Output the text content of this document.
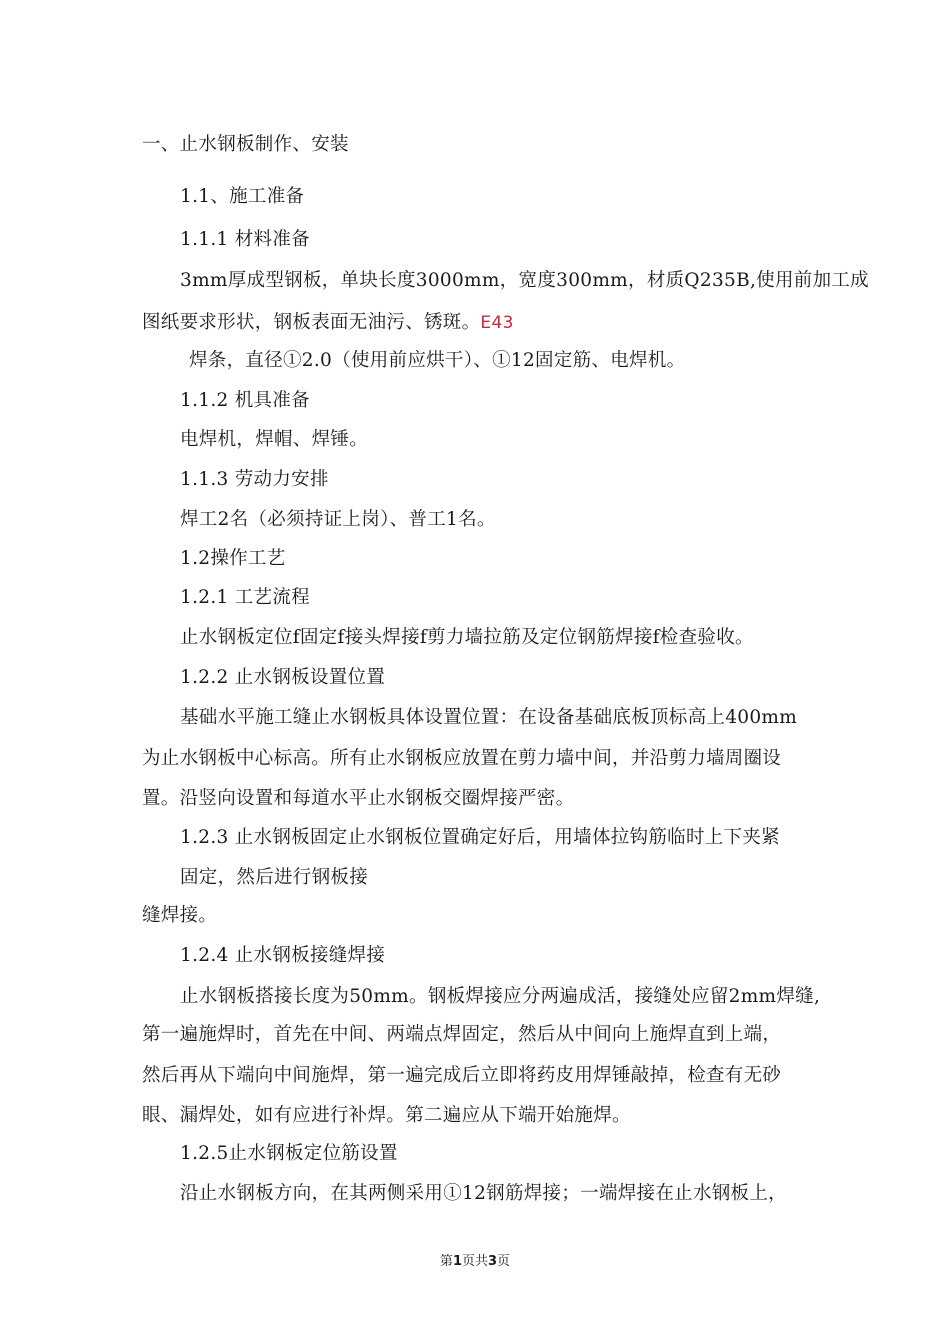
一、止水钢板制作、安装
1.1、施工准备
1.1.1 材料准备
3mm厚成型钢板，单块长度3000mm，宽度300mm，材质Q235B,使用前加工成
图纸要求形状，钢板表面无油污、锈斑。E43
焊条，直径①2.0（使用前应烘干）、①12固定筋、电焊机。
1.1.2 机具准备
电焊机，焊帽、焊锤。
1.1.3 劳动力安排
焊工2名（必须持证上岗）、普工1名。
1.2操作工艺
1.2.1 工艺流程
止水钢板定位f固定f接头焊接f剪力墙拉筋及定位钢筋焊接f检查验收。
1.2.2 止水钢板设置位置
基础水平施工缝止水钢板具体设置位置：在设备基础底板顶标高上400mm
为止水钢板中心标高。所有止水钢板应放置在剪力墙中间，并沿剪力墙周圈设
置。沿竖向设置和每道水平止水钢板交圈焊接严密。
1.2.3 止水钢板固定止水钢板位置确定好后，用墙体拉钩筋临时上下夹紧
固定，然后进行钢板接
缝焊接。
1.2.4 止水钢板接缝焊接
止水钢板搭接长度为50mm。钢板焊接应分两遍成活，接缝处应留2mm焊缝,
第一遍施焊时，首先在中间、两端点焊固定，然后从中间向上施焊直到上端，
然后再从下端向中间施焊，第一遍完成后立即将药皮用焊锤敲掉，检查有无砂
眼、漏焊处，如有应进行补焊。第二遍应从下端开始施焊。
1.2.5止水钢板定位筋设置
沿止水钢板方向，在其两侧采用①12钢筋焊接；一端焊接在止水钢板上，
第1页共3页
